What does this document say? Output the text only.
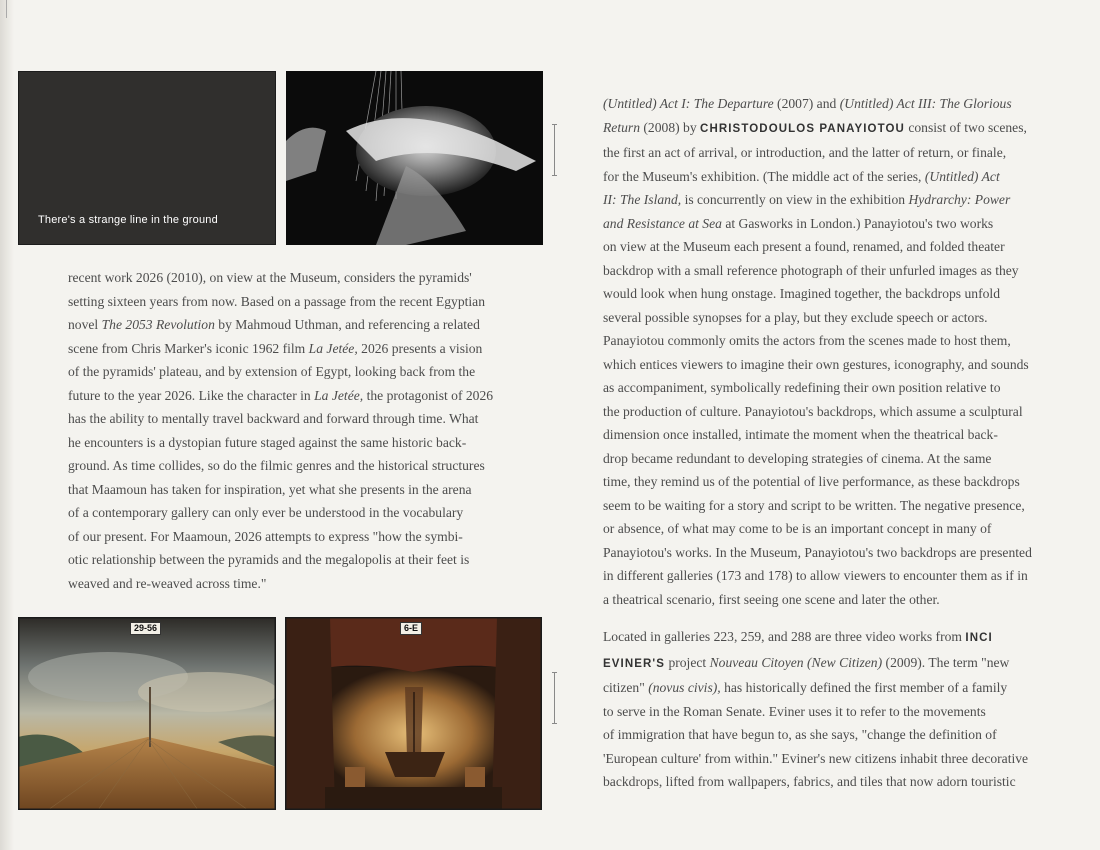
There's a strange line in the ground
recent work 2026 (2010), on view at the Museum, considers the pyramids'
setting sixteen years from now. Based on a passage from the recent Egyptian
novel The 2053 Revolution by Mahmoud Uthman, and referencing a related
scene from Chris Marker's iconic 1962 film La Jetée, 2026 presents a vision
of the pyramids' plateau, and by extension of Egypt, looking back from the
future to the year 2026. Like the character in La Jetée, the protagonist of 2026
has the ability to mentally travel backward and forward through time. What
he encounters is a dystopian future staged against the same historic back-
ground. As time collides, so do the filmic genres and the historical structures
that Maamoun has taken for inspiration, yet what she presents in the arena
of a contemporary gallery can only ever be understood in the vocabulary
of our present. For Maamoun, 2026 attempts to express "how the symbi-
otic relationship between the pyramids and the megalopolis at their feet is
weaved and re-weaved across time."
29-56	6-E
(Untitled) Act I: The Departure (2007) and (Untitled) Act III: The Glorious
Return (2008) by CHRISTODOULOS PANAYIOTOU consist of two scenes,
the first an act of arrival, or introduction, and the latter of return, or finale,
for the Museum's exhibition. (The middle act of the series, (Untitled) Act
II: The Island, is concurrently on view in the exhibition Hydrarchy: Power
and Resistance at Sea at Gasworks in London.) Panayiotou's two works
on view at the Museum each present a found, renamed, and folded theater
backdrop with a small reference photograph of their unfurled images as they
would look when hung onstage. Imagined together, the backdrops unfold
several possible synopses for a play, but they exclude speech or actors.
Panayiotou commonly omits the actors from the scenes made to host them,
which entices viewers to imagine their own gestures, iconography, and sounds
as accompaniment, symbolically redefining their own position relative to
the production of culture. Panayiotou's backdrops, which assume a sculptural
dimension once installed, intimate the moment when the theatrical back-
drop became redundant to developing strategies of cinema. At the same
time, they remind us of the potential of live performance, as these backdrops
seem to be waiting for a story and script to be written. The negative presence,
or absence, of what may come to be is an important concept in many of
Panayiotou's works. In the Museum, Panayiotou's two backdrops are presented
in different galleries (173 and 178) to allow viewers to encounter them as if in
a theatrical scenario, first seeing one scene and later the other.
Located in galleries 223, 259, and 288 are three video works from INCI
EVINER'S project Nouveau Citoyen (New Citizen) (2009). The term "new
citizen" (novus civis), has historically defined the first member of a family
to serve in the Roman Senate. Eviner uses it to refer to the movements
of immigration that have begun to, as she says, "change the definition of
'European culture' from within." Eviner's new citizens inhabit three decorative
backdrops, lifted from wallpapers, fabrics, and tiles that now adorn touristic
